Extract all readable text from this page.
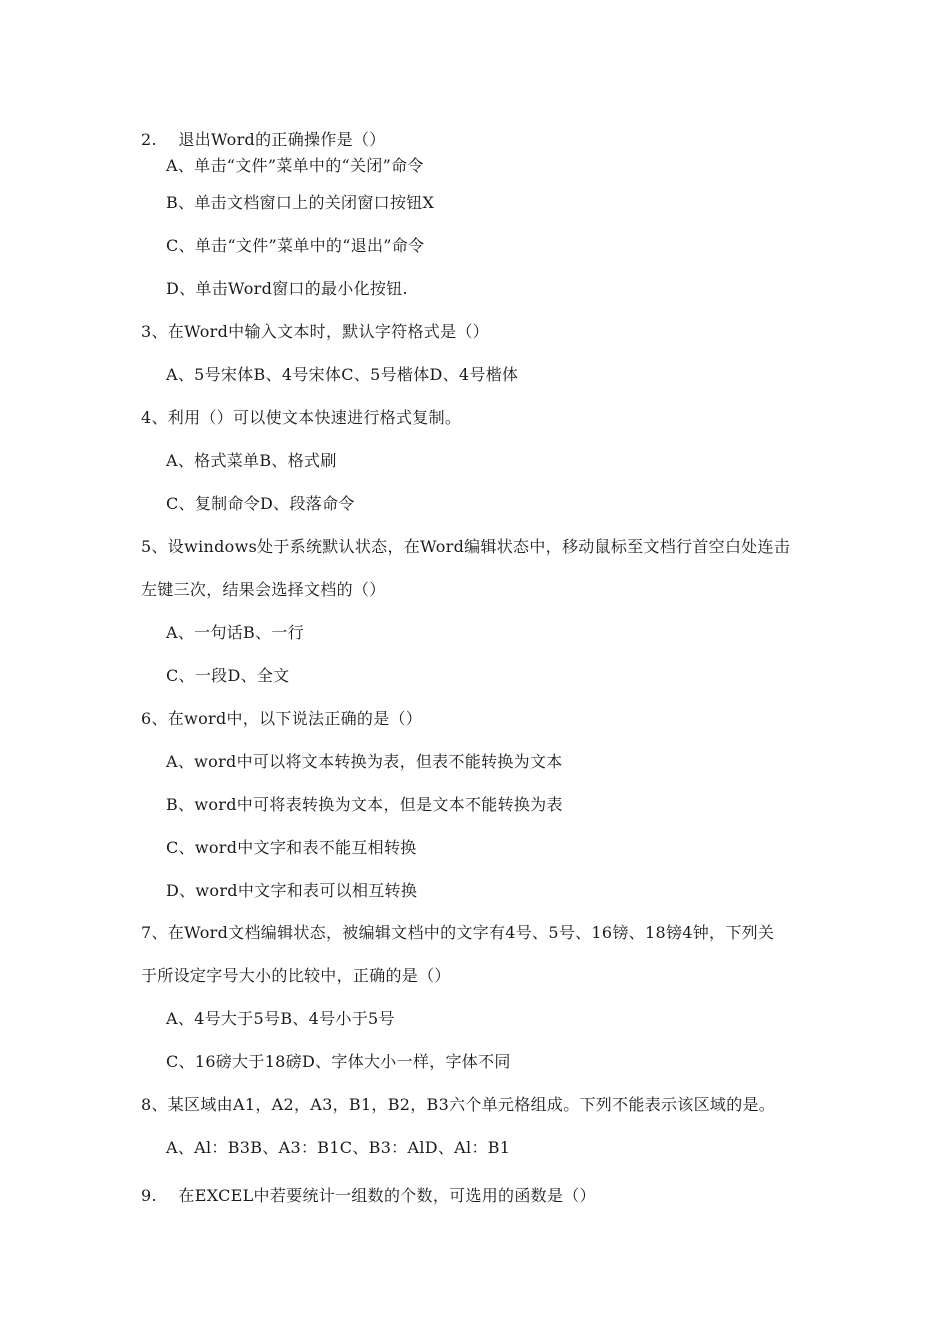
2.    退出Word的正确操作是（）
A、单击“文件”菜单中的“关闭”命令
B、单击文档窗口上的关闭窗口按钮X
C、单击“文件”菜单中的“退出”命令
D、单击Word窗口的最小化按钮.
3、在Word中输入文本时，默认字符格式是（）
A、5号宋体B、4号宋体C、5号楷体D、4号楷体
4、利用（）可以使文本快速进行格式复制。
A、格式菜单B、格式刷
C、复制命令D、段落命令
5、设windows处于系统默认状态，在Word编辑状态中，移动鼠标至文档行首空白处连击
左键三次，结果会选择文档的（）
A、一句话B、一行
C、一段D、全文
6、在word中，以下说法正确的是（）
A、word中可以将文本转换为表，但表不能转换为文本
B、word中可将表转换为文本，但是文本不能转换为表
C、word中文字和表不能互相转换
D、word中文字和表可以相互转换
7、在Word文档编辑状态，被编辑文档中的文字有4号、5号、16镑、18镑4钟，下列关
于所设定字号大小的比较中，正确的是（）
A、4号大于5号B、4号小于5号
C、16磅大于18磅D、字体大小一样，字体不同
8、某区域由A1，A2，A3，B1，B2，B3六个单元格组成。下列不能表示该区域的是。
A、Al：B3B、A3：B1C、B3：AlD、Al：B1
9.    在EXCEL中若要统计一组数的个数，可选用的函数是（）
